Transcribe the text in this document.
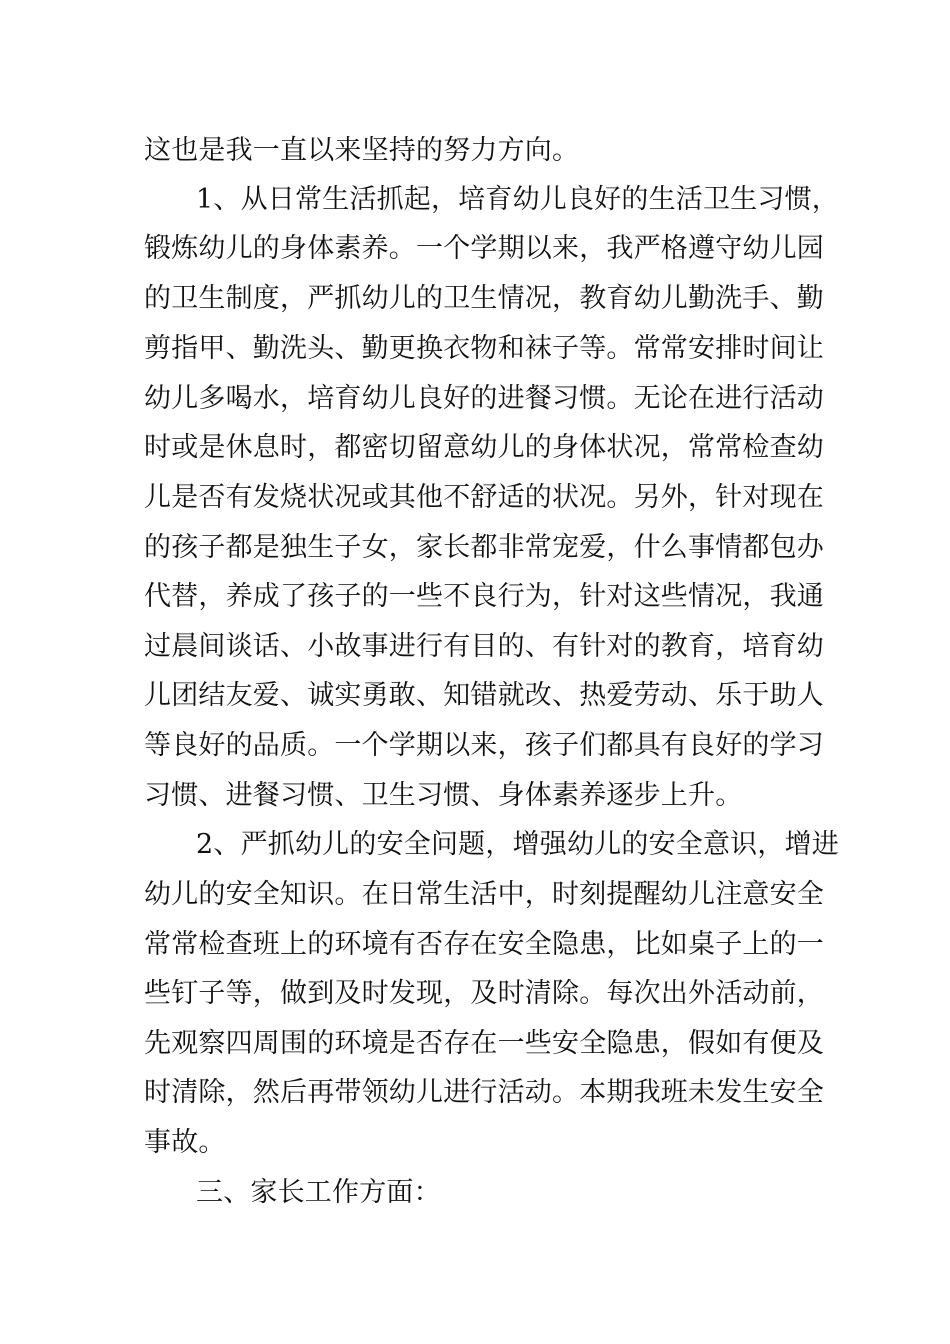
这也是我一直以来坚持的努力方向。
1、从日常生活抓起，培育幼儿良好的生活卫生习惯，
锻炼幼儿的身体素养。一个学期以来，我严格遵守幼儿园
的卫生制度，严抓幼儿的卫生情况，教育幼儿勤洗手、勤
剪指甲、勤洗头、勤更换衣物和袜子等。常常安排时间让
幼儿多喝水，培育幼儿良好的进餐习惯。无论在进行活动
时或是休息时，都密切留意幼儿的身体状况，常常检查幼
儿是否有发烧状况或其他不舒适的状况。另外，针对现在
的孩子都是独生子女，家长都非常宠爱，什么事情都包办
代替，养成了孩子的一些不良行为，针对这些情况，我通
过晨间谈话、小故事进行有目的、有针对的教育，培育幼
儿团结友爱、诚实勇敢、知错就改、热爱劳动、乐于助人
等良好的品质。一个学期以来，孩子们都具有良好的学习
习惯、进餐习惯、卫生习惯、身体素养逐步上升。
2、严抓幼儿的安全问题，增强幼儿的安全意识，增进
幼儿的安全知识。在日常生活中，时刻提醒幼儿注意安全
常常检查班上的环境有否存在安全隐患，比如桌子上的一
些钉子等，做到及时发现，及时清除。每次出外活动前，
先观察四周围的环境是否存在一些安全隐患，假如有便及
时清除，然后再带领幼儿进行活动。本期我班未发生安全
事故。
三、家长工作方面：
